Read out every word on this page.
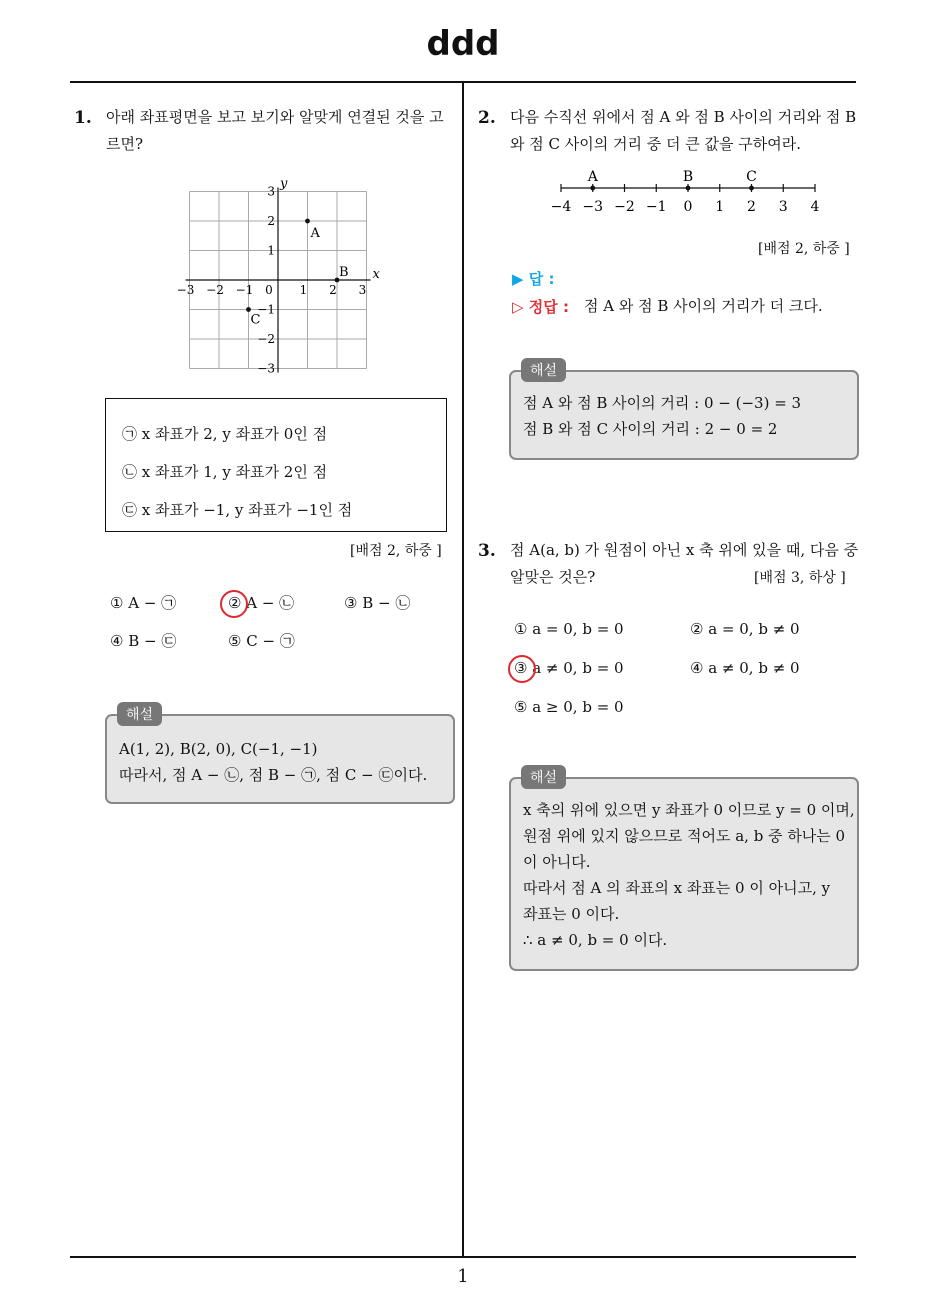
ddd
1
1. 아래 좌표평면을 보고 보기와 알맞게 연결된 것을 고
르면?
x
y
−3 −2 −1 0 1 2 3
3
2
1
−1
−2
−3
A
B
C
㉠ x 좌표가 2, y 좌표가 0인 점
㉡ x 좌표가 1, y 좌표가 2인 점
㉢ x 좌표가 −1, y 좌표가 −1인 점
[배점 2, 하중 ]
① A − ㉠	② A − ㉡	③ B − ㉡
④ B − ㉢	⑤ C − ㉠
A(1, 2), B(2, 0), C(−1, −1)
따라서, 점 A − ㉡, 점 B − ㉠, 점 C − ㉢이다.
해설
2. 다음 수직선 위에서 점 A 와 점 B 사이의 거리와 점 B
와 점 C 사이의 거리 중 더 큰 값을 구하여라.
−4 −3 −2 −1 0 1 2 3 4
A	B	C
[배점 2, 하중 ]
▶ 답 :
▷ 정답 : 점 A 와 점 B 사이의 거리가 더 크다.
점 A 와 점 B 사이의 거리 : 0 − (−3) = 3
점 B 와 점 C 사이의 거리 : 2 − 0 = 2
해설
3. 점 A(a, b) 가 원점이 아닌 x 축 위에 있을 때, 다음 중
알맞은 것은?	[배점 3, 하상 ]
① a = 0, b = 0	② a = 0, b ≠ 0
③ a ≠ 0, b = 0	④ a ≠ 0, b ≠ 0
⑤ a ≥ 0, b = 0
x 축의 위에 있으면 y 좌표가 0 이므로 y = 0 이며,
원점 위에 있지 않으므로 적어도 a, b 중 하나는 0
이 아니다.
따라서 점 A 의 좌표의 x 좌표는 0 이 아니고, y
좌표는 0 이다.
∴ a ≠ 0, b = 0 이다.
해설
